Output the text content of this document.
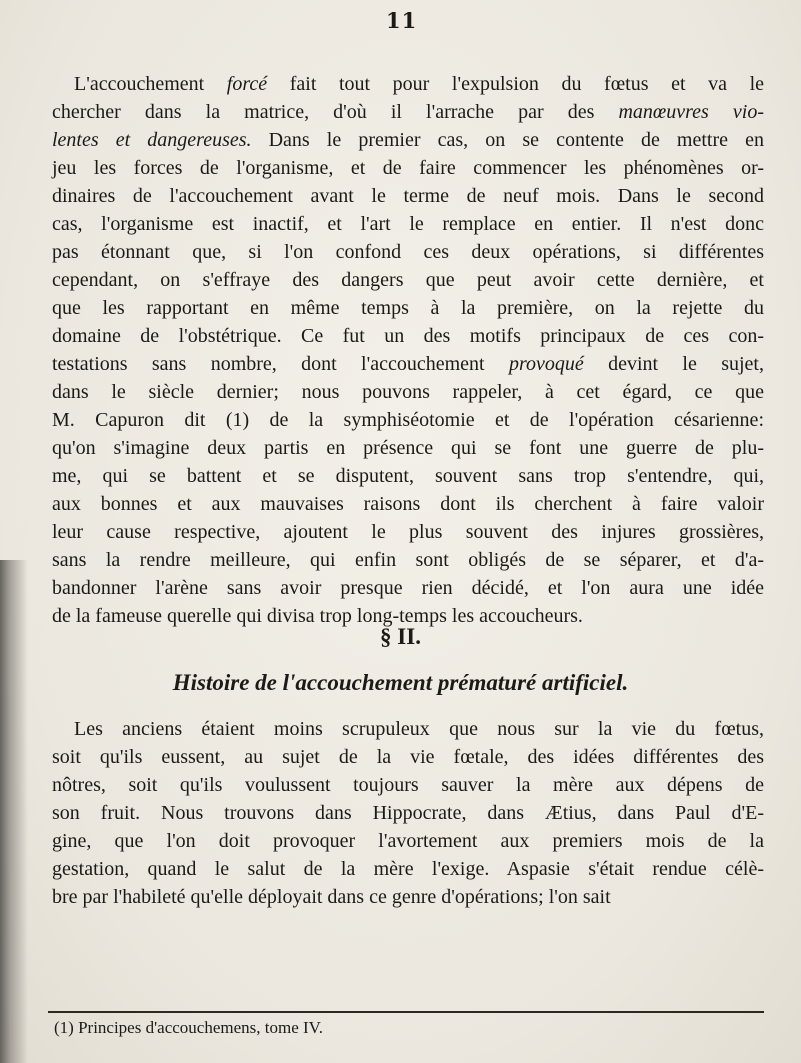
11
L'accouchement forcé fait tout pour l'expulsion du fœtus et va le
chercher dans la matrice, d'où il l'arrache par des manœuvres vio-
lentes et dangereuses. Dans le premier cas, on se contente de mettre en
jeu les forces de l'organisme, et de faire commencer les phénomènes or-
dinaires de l'accouchement avant le terme de neuf mois. Dans le second
cas, l'organisme est inactif, et l'art le remplace en entier. Il n'est donc
pas étonnant que, si l'on confond ces deux opérations, si différentes
cependant, on s'effraye des dangers que peut avoir cette dernière, et
que les rapportant en même temps à la première, on la rejette du
domaine de l'obstétrique. Ce fut un des motifs principaux de ces con-
testations sans nombre, dont l'accouchement provoqué devint le sujet,
dans le siècle dernier; nous pouvons rappeler, à cet égard, ce que
M. Capuron dit (1) de la symphiséotomie et de l'opération césarienne:
qu'on s'imagine deux partis en présence qui se font une guerre de plu-
me, qui se battent et se disputent, souvent sans trop s'entendre, qui,
aux bonnes et aux mauvaises raisons dont ils cherchent à faire valoir
leur cause respective, ajoutent le plus souvent des injures grossières,
sans la rendre meilleure, qui enfin sont obligés de se séparer, et d'a-
bandonner l'arène sans avoir presque rien décidé, et l'on aura une idée
de la fameuse querelle qui divisa trop long-temps les accoucheurs.
§ II.
Histoire de l'accouchement prématuré artificiel.
Les anciens étaient moins scrupuleux que nous sur la vie du fœtus,
soit qu'ils eussent, au sujet de la vie fœtale, des idées différentes des
nôtres, soit qu'ils voulussent toujours sauver la mère aux dépens de
son fruit. Nous trouvons dans Hippocrate, dans Ætius, dans Paul d'E-
gine, que l'on doit provoquer l'avortement aux premiers mois de la
gestation, quand le salut de la mère l'exige. Aspasie s'était rendue célè-
bre par l'habileté qu'elle déployait dans ce genre d'opérations; l'on sait
(1) Principes d'accouchemens, tome IV.
